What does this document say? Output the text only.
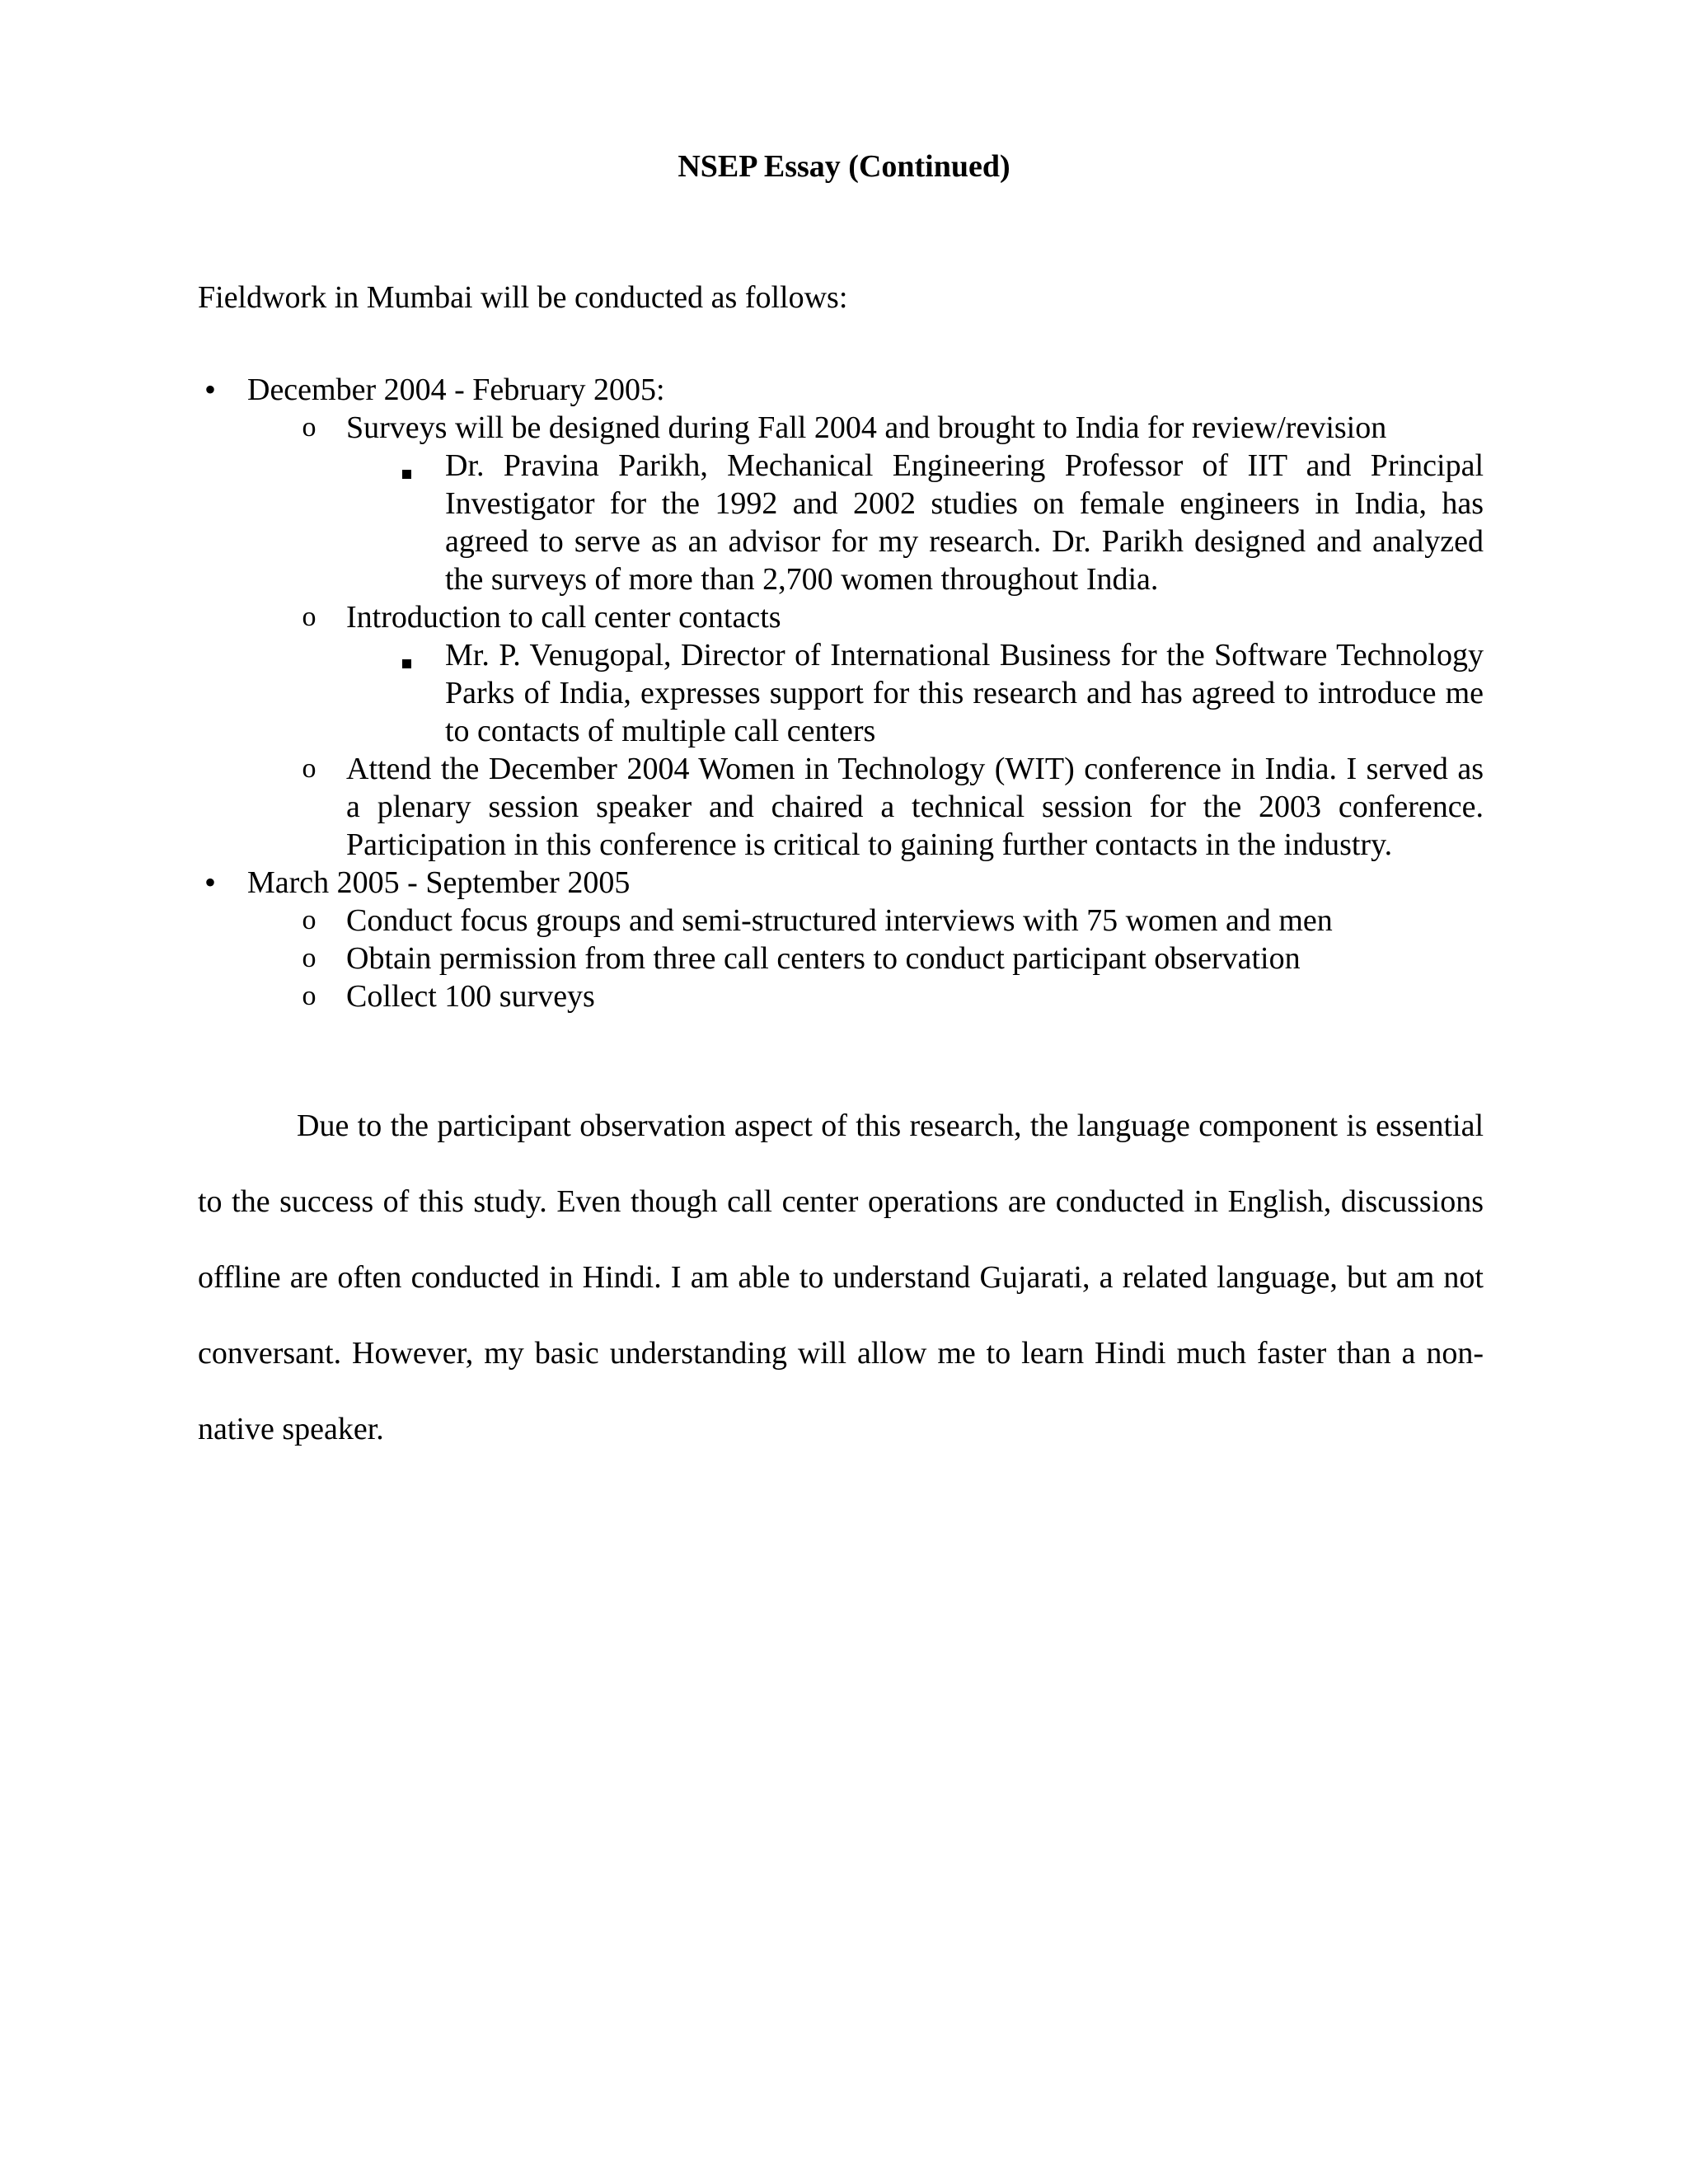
NSEP Essay (Continued)
Fieldwork in Mumbai will be conducted as follows:
• December 2004 - February 2005:
o Surveys will be designed during Fall 2004 and brought to India for review/revision
Dr. Pravina Parikh, Mechanical Engineering Professor of IIT and Principal Investigator for the 1992 and 2002 studies on female engineers in India, has agreed to serve as an advisor for my research. Dr. Parikh designed and analyzed the surveys of more than 2,700 women throughout India.
o Introduction to call center contacts
Mr. P. Venugopal, Director of International Business for the Software Technology Parks of India, expresses support for this research and has agreed to introduce me to contacts of multiple call centers
o Attend the December 2004 Women in Technology (WIT) conference in India. I served as a plenary session speaker and chaired a technical session for the 2003 conference. Participation in this conference is critical to gaining further contacts in the industry.
• March 2005 - September 2005
o Conduct focus groups and semi-structured interviews with 75 women and men
o Obtain permission from three call centers to conduct participant observation
o Collect 100 surveys
Due to the participant observation aspect of this research, the language component is essential to the success of this study. Even though call center operations are conducted in English, discussions offline are often conducted in Hindi. I am able to understand Gujarati, a related language, but am not conversant. However, my basic understanding will allow me to learn Hindi much faster than a non-native speaker.
